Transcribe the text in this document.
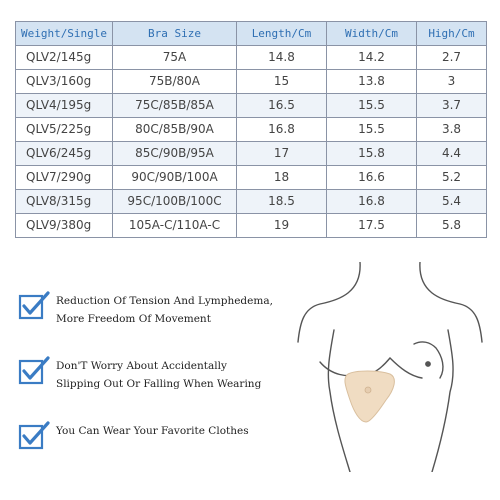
Weight/Single	Bra Size	Length/Cm	Width/Cm	High/Cm
QLV2/145g	75A	14.8	14.2	2.7
QLV3/160g	75B/80A	15	13.8	3
QLV4/195g	75C/85B/85A	16.5	15.5	3.7
QLV5/225g	80C/85B/90A	16.8	15.5	3.8
QLV6/245g	85C/90B/95A	17	15.8	4.4
QLV7/290g	90C/90B/100A	18	16.6	5.2
QLV8/315g	95C/100B/100C	18.5	16.8	5.4
QLV9/380g	105A-C/110A-C	19	17.5	5.8
Reduction Of Tension And Lymphedema,
More Freedom Of Movement
Don'T Worry About Accidentally
Slipping Out Or Falling When Wearing
You Can Wear Your Favorite Clothes
